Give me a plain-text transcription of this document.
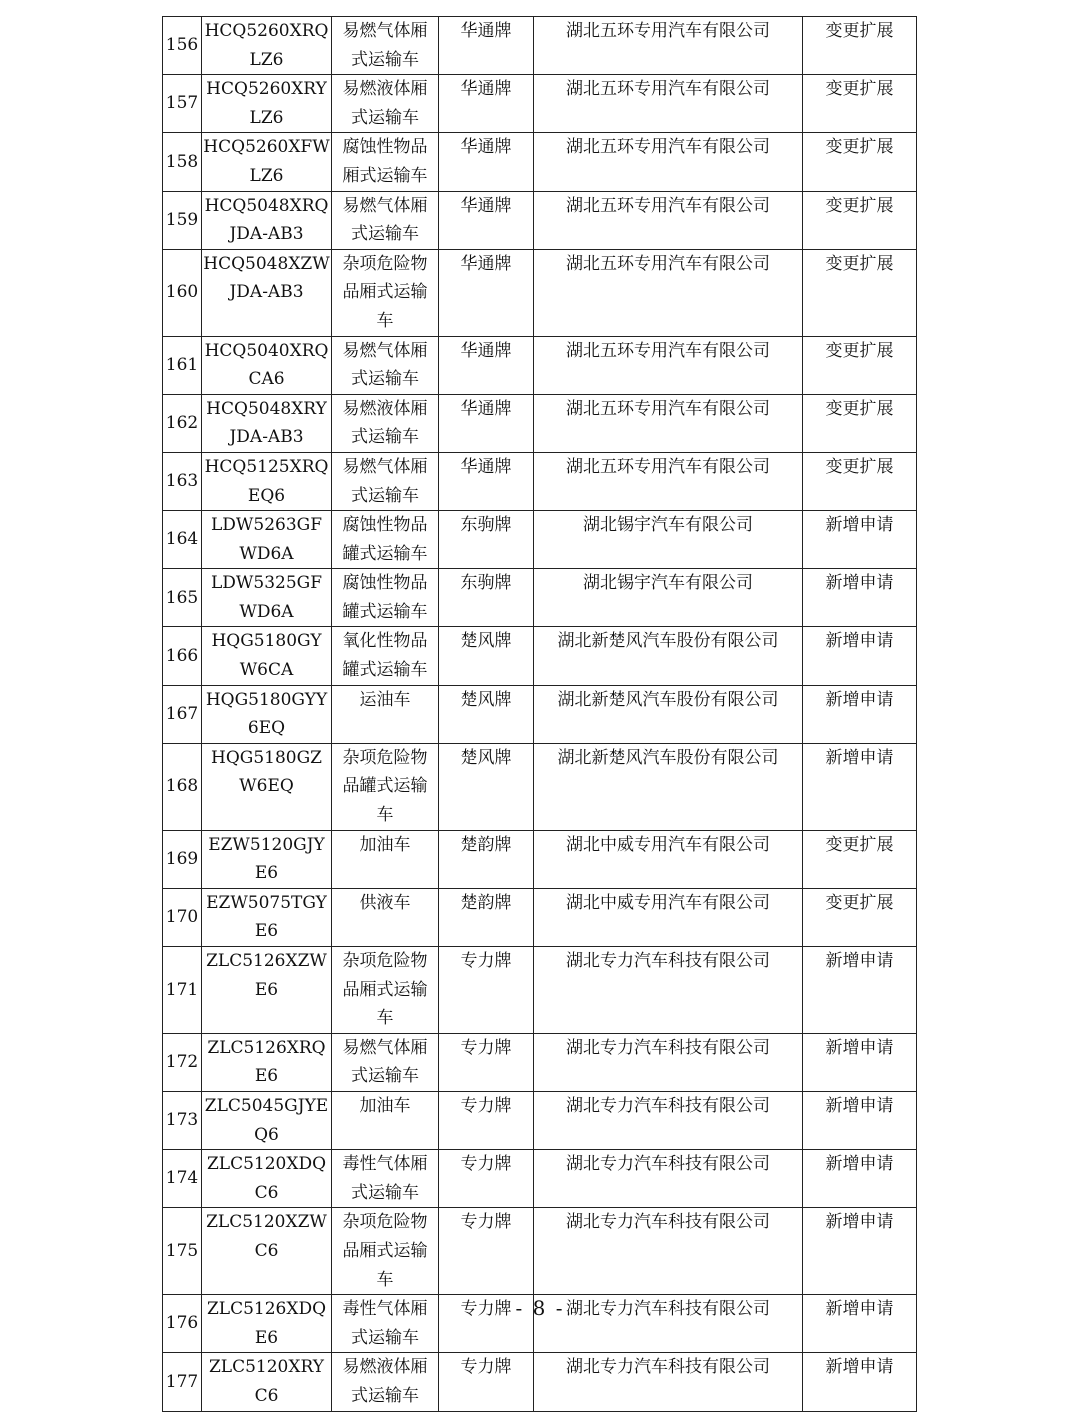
156	HCQ5260XRQLZ6	易燃气体厢式运输车	华通牌	湖北五环专用汽车有限公司	变更扩展
157	HCQ5260XRYLZ6	易燃液体厢式运输车	华通牌	湖北五环专用汽车有限公司	变更扩展
158	HCQ5260XFWLZ6	腐蚀性物品厢式运输车	华通牌	湖北五环专用汽车有限公司	变更扩展
159	HCQ5048XRQJDA-AB3	易燃气体厢式运输车	华通牌	湖北五环专用汽车有限公司	变更扩展
160	HCQ5048XZWJDA-AB3	杂项危险物品厢式运输车	华通牌	湖北五环专用汽车有限公司	变更扩展
161	HCQ5040XRQCA6	易燃气体厢式运输车	华通牌	湖北五环专用汽车有限公司	变更扩展
162	HCQ5048XRYJDA-AB3	易燃液体厢式运输车	华通牌	湖北五环专用汽车有限公司	变更扩展
163	HCQ5125XRQEQ6	易燃气体厢式运输车	华通牌	湖北五环专用汽车有限公司	变更扩展
164	LDW5263GFWD6A	腐蚀性物品罐式运输车	东驹牌	湖北锡宇汽车有限公司	新增申请
165	LDW5325GFWD6A	腐蚀性物品罐式运输车	东驹牌	湖北锡宇汽车有限公司	新增申请
166	HQG5180GYW6CA	氧化性物品罐式运输车	楚风牌	湖北新楚风汽车股份有限公司	新增申请
167	HQG5180GYY6EQ	运油车	楚风牌	湖北新楚风汽车股份有限公司	新增申请
168	HQG5180GZW6EQ	杂项危险物品罐式运输车	楚风牌	湖北新楚风汽车股份有限公司	新增申请
169	EZW5120GJYE6	加油车	楚韵牌	湖北中威专用汽车有限公司	变更扩展
170	EZW5075TGYE6	供液车	楚韵牌	湖北中威专用汽车有限公司	变更扩展
171	ZLC5126XZWE6	杂项危险物品厢式运输车	专力牌	湖北专力汽车科技有限公司	新增申请
172	ZLC5126XRQE6	易燃气体厢式运输车	专力牌	湖北专力汽车科技有限公司	新增申请
173	ZLC5045GJYEQ6	加油车	专力牌	湖北专力汽车科技有限公司	新增申请
174	ZLC5120XDQC6	毒性气体厢式运输车	专力牌	湖北专力汽车科技有限公司	新增申请
175	ZLC5120XZWC6	杂项危险物品厢式运输车	专力牌	湖北专力汽车科技有限公司	新增申请
176	ZLC5126XDQE6	毒性气体厢式运输车	专力牌	湖北专力汽车科技有限公司	新增申请
177	ZLC5120XRYC6	易燃液体厢式运输车	专力牌	湖北专力汽车科技有限公司	新增申请
- 8 -
